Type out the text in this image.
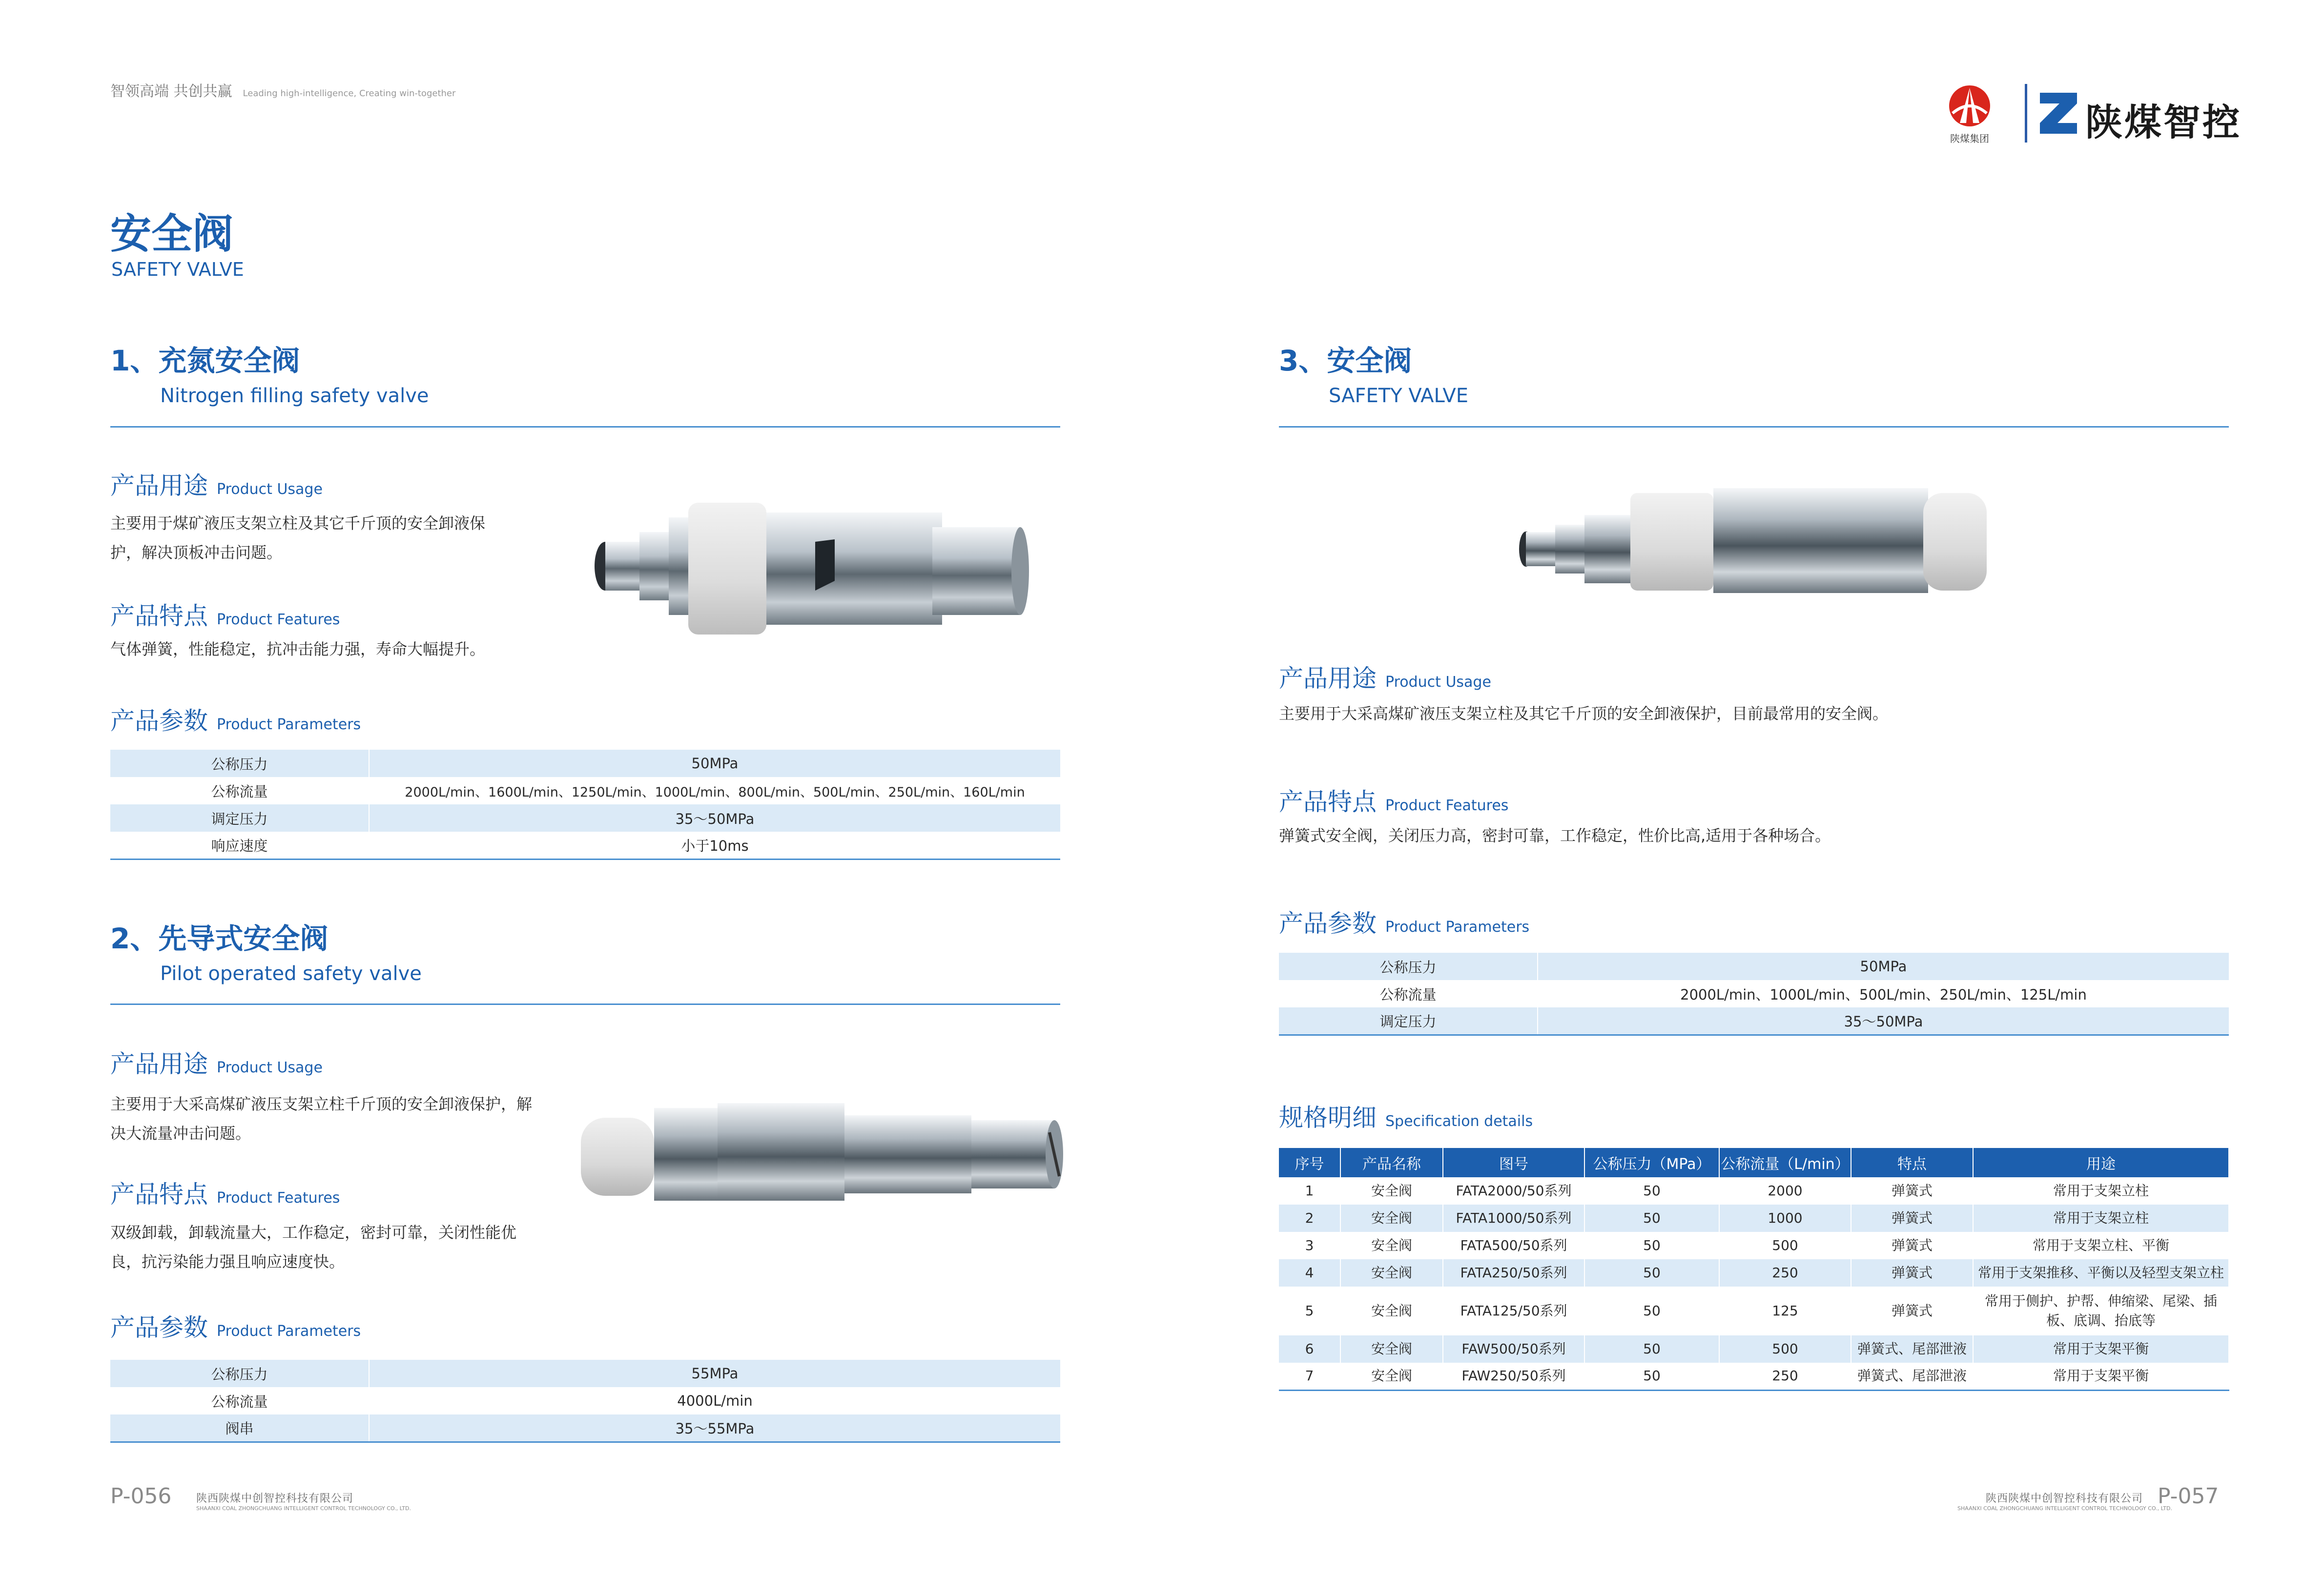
智领高端 共创共赢 Leading high-intelligence, Creating win-together
陕煤集团	陕煤智控
安全阀
SAFETY VALVE
1、充氮安全阀
Nitrogen filling safety valve
产品用途 Product Usage
主要用于煤矿液压支架立柱及其它千斤顶的安全卸液保护，解决顶板冲击问题。
产品特点 Product Features
气体弹簧，性能稳定，抗冲击能力强，寿命大幅提升。
产品参数 Product Parameters
公称压力	50MPa
公称流量	2000L/min、1600L/min、1250L/min、1000L/min、800L/min、500L/min、250L/min、160L/min
调定压力	35～50MPa
响应速度	小于10ms
2、先导式安全阀
Pilot operated safety valve
产品用途 Product Usage
主要用于大采高煤矿液压支架立柱千斤顶的安全卸液保护，解决大流量冲击问题。
产品特点 Product Features
双级卸载，卸载流量大，工作稳定，密封可靠，关闭性能优良，抗污染能力强且响应速度快。
产品参数 Product Parameters
公称压力	55MPa
公称流量	4000L/min
阀串	35～55MPa
3、安全阀
SAFETY VALVE
产品用途 Product Usage
主要用于大采高煤矿液压支架立柱及其它千斤顶的安全卸液保护，目前最常用的安全阀。
产品特点 Product Features
弹簧式安全阀，关闭压力高，密封可靠，工作稳定，性价比高,适用于各种场合。
产品参数 Product Parameters
公称压力	50MPa
公称流量	2000L/min、1000L/min、500L/min、250L/min、125L/min
调定压力	35～50MPa
规格明细 Specification details
序号	产品名称	图号	公称压力（MPa）	公称流量（L/min）	特点	用途
1	安全阀	FATA2000/50系列	50	2000	弹簧式	常用于支架立柱
2	安全阀	FATA1000/50系列	50	1000	弹簧式	常用于支架立柱
3	安全阀	FATA500/50系列	50	500	弹簧式	常用于支架立柱、平衡
4	安全阀	FATA250/50系列	50	250	弹簧式	常用于支架推移、平衡以及轻型支架立柱
5	安全阀	FATA125/50系列	50	125	弹簧式	常用于侧护、护帮、伸缩梁、尾梁、插板、底调、抬底等
6	安全阀	FAW500/50系列	50	500	弹簧式、尾部泄液	常用于支架平衡
7	安全阀	FAW250/50系列	50	250	弹簧式、尾部泄液	常用于支架平衡
P-056 陕西陕煤中创智控科技有限公司
SHAANXI COAL ZHONGCHUANG INTELLIGENT CONTROL TECHNOLOGY CO., LTD.
陕西陕煤中创智控科技有限公司
SHAANXI COAL ZHONGCHUANG INTELLIGENT CONTROL TECHNOLOGY CO., LTD.
P-057
